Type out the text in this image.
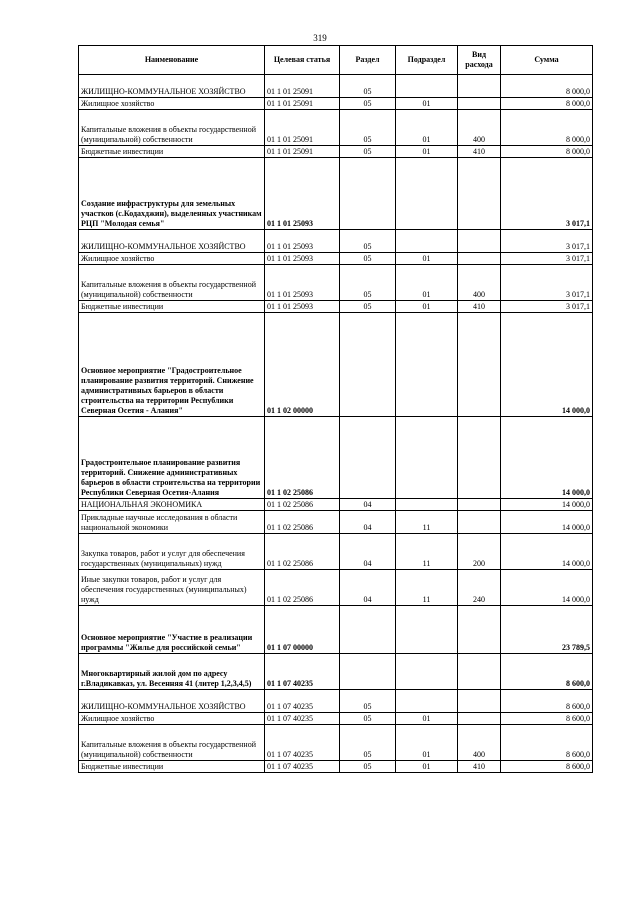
319
Наименование	Целевая статья	Раздел	Подраздел	Вид расхода	Сумма
ЖИЛИЩНО-КОММУНАЛЬНОЕ ХОЗЯЙСТВО	01 1 01 25091	05			8 000,0
Жилищное хозяйство	01 1 01 25091	05	01		8 000,0
Капитальные вложения в объекты государственной (муниципальной) собственности	01 1 01 25091	05	01	400	8 000,0
Бюджетные инвестиции	01 1 01 25091	05	01	410	8 000,0
Создание инфраструктуры для земельных участков (с.Кодахджин), выделенных участникам РЦП "Молодая семья"	01 1 01 25093				3 017,1
ЖИЛИЩНО-КОММУНАЛЬНОЕ ХОЗЯЙСТВО	01 1 01 25093	05			3 017,1
Жилищное хозяйство	01 1 01 25093	05	01		3 017,1
Капитальные вложения в объекты государственной (муниципальной) собственности	01 1 01 25093	05	01	400	3 017,1
Бюджетные инвестиции	01 1 01 25093	05	01	410	3 017,1
Основное мероприятие "Градостроительное планирование развития территорий. Снижение административных барьеров в области строительства на территории Республики Северная Осетия - Алания"	01 1 02 00000				14 000,0
Градостроительное планирование развития территорий. Снижение административных барьеров в области строительства на территории Республики Северная Осетия-Алания	01 1 02 25086				14 000,0
НАЦИОНАЛЬНАЯ ЭКОНОМИКА	01 1 02 25086	04			14 000,0
Прикладные научные исследования в области национальной экономики	01 1 02 25086	04	11		14 000,0
Закупка товаров, работ и услуг для обеспечения государственных (муниципальных) нужд	01 1 02 25086	04	11	200	14 000,0
Иные закупки товаров, работ и услуг для обеспечения государственных (муниципальных) нужд	01 1 02 25086	04	11	240	14 000,0
Основное мероприятие "Участие в реализации программы "Жилье для российской семьи"	01 1 07 00000				23 789,5
Многоквартирный жилой дом по адресу г.Владикавказ, ул. Весенняя 41 (литер 1,2,3,4,5)	01 1 07 40235				8 600,0
ЖИЛИЩНО-КОММУНАЛЬНОЕ ХОЗЯЙСТВО	01 1 07 40235	05			8 600,0
Жилищное хозяйство	01 1 07 40235	05	01		8 600,0
Капитальные вложения в объекты государственной (муниципальной) собственности	01 1 07 40235	05	01	400	8 600,0
Бюджетные инвестиции	01 1 07 40235	05	01	410	8 600,0
